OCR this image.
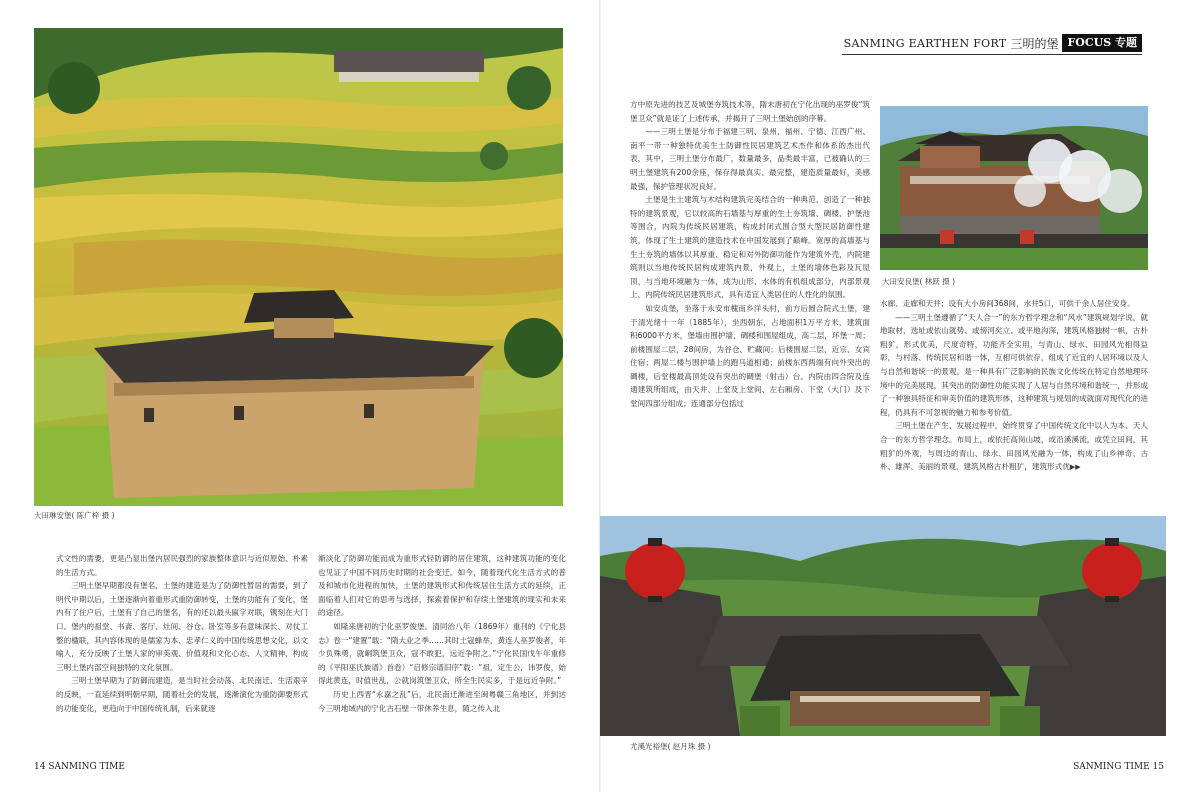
SANMING EARTHEN FORT 三明的堡 FOCUS 专题
大田琳安堡( 陈广梓 摄 )
大田安良堡( 林跃 摄 )
尤溪光裕堡( 赵月珠 摄 )

式文性的需要，更是凸显出堡内居民强烈的家族整体意识与近似原始、朴素的生活方式。

三明土堡早期都没有堡名，土堡的建造是为了防御性暂居的需要，到了明代中期以后，土堡逐渐向着重形式重防御转变，土堡的功能有了变化，堡内有了住户后，土堡有了自己的堡名，有的还以最头匾字对联，镌刻在大门口。堡内的祖堂、书斋、客厅、灶间、谷仓、卧室等多有意味深长、对仗工整的楹联，其内容体现的是儒家为本、忠孝仁义的中国传统思想文化，以文喻人，充分反映了土堡人家的审美观、价值观和文化心态、人文精神，构成三明土堡内部空间独特的文化氛围。

三明土堡早期为了防御而建造，是当时社会动荡、北民南迁、生活艰辛的反映，一直延续到明朝早期，随着社会的发展，逐渐演化为重防御要形式的功能变化，更趋向于中国传统礼制，后来就逐

渐淡化了防御功能而成为重形式轻防御的居住建筑，这种建筑功能的变化也见证了中国不同历史时期的社会变迁。如今，随着现代化生活方式的普及和城市化进程的加快，土堡的建筑形式和传统居住生活方式的延续，正面临着人们对它的思考与选择，探索着保护和存续土堡建筑的现实和未来的途径。

如隆来唐初的宁化巫罗俊堡。清同治八年（1869年）重刊的《宁化县志》卷一“建置”载：“隋大业之季……其时土寇蜂举，黄连人巫罗俊者，年少负殊勇，就峒筑堡卫众，寇不敢犯，远近争附之。”宁化民国戊午年重修的《平阳巫氏族谱》首卷）“启修宗谱旧序”载：“祖，定生公，讳罗俊，始得此黄连，时值世乱，公就岗筑堡卫众，所全生民实多，于是远近争附。”

历史上西晋“永嘉之乱”后，北民南迁渐进至闽粤赣三角地区，并到达今三明地域内的宁化古石壁一带休养生息，随之传入北

方中原先进的技艺及城堡夯筑技术等，隋末唐初在宁化出现的巫罗俊“筑堡卫众”就是证了上述传承，并揭开了三明土堡始创的序幕。

——三明土堡是分布于福建三明、泉州、福州、宁德、江西广州、南平一带一种独特优美生土防御性民居建筑艺术杰作和体系的杰出代表，其中，三明土堡分布最广，数量最多，品类最丰富，已被确认的三明土堡建筑有200余座，保存得最真实、最完整，建造质量最好，美感最强，保护管理状况良好。

土堡是生土建筑与木结构建筑完美结合的一种典范，创造了一种独特的建筑景观，它以较高的石墙基与厚重的生土夯筑墙、碉楼、护堡池等围合，内院为传统民居建筑，构成封闭式围合型大型民居防御性建筑，体现了生土建筑的建造技术在中国发展到了巅峰。宽厚的高墙基与生土夯筑的墙体以其厚重、稳定和对外防御功能作为建筑外壳，内院建筑则以当地传统民居构成建筑内景，外观上，土堡的墙体色彩及瓦屋顶，与当地环境融为一体，成为山形、水体的有机组成部分，内部景观上，内院传统民居建筑形式，具有适宜人类居住的人性化的氛围。

如安贞堡，坐落于永安市槐南乡洋头村，前方后圆合院式土堡，建于清光绪十一年（1885年），坐西朝东，占地面积1万平方米，建筑面积6000平方米，堡墙由围护墙、碉楼和围屋组成，高二层，环堡一周；前楼围屋二层，28间房，为谷仓、贮藏间；后楼围屋二层，近宗、女宾住宿；两屋二楼与围护墙上的跑马道相通；前楼东西两端有向外突出的碉楼，后堂楼最高顶处设有突出的碉堡（射击）台。内院由四合院及连通建筑所组成，由天井、上堂及上堂间、左右厢房、下堂（大门）及下堂间四部分组成；连通部分包括过

水廊、走廊和天井；设有大小房间368间，水井5口，可供千余人居住安身。

——三明土堡遵循了“天人合一”的东方哲学理念和“风水”建筑规划学说，就地取材，选址或依山就势、或傍河矣立、或平地沟深，建筑风格独树一帜，古朴粗犷，形式优美，尺度奇特，功能齐全实用，与青山、绿水、田园风光相得益彰，与村落、传统民居和谐一体，互相可供依存，组成了近宜的人居环境以及人与自然和谐统一的景观。是一种具有广泛影响的民族文化传统在特定自然地理环境中的完美展现，其突出的防御性功能实现了人居与自然环境和谐统一，并形成了一种独具特征和审美价值的建筑形体，这种建筑与规划的成就面对现代化的进程，仍具有不可忽视的魅力和参考价值。

三明土堡在产生、发展过程中，始终贯穿了中国传统文化中以人为本、天人合一的东方哲学理念。布局上，或依托高岗山坡，或沿溪溪流，或凭立田间，其粗犷的外观，与周边的青山、绿水、田园风光融为一体，构成了山乡神奇、古朴、雄浑、美丽的景观，建筑风格古朴粗犷，建筑形式优▶▶

14 SANMING TIME	SANMING TIME 15
